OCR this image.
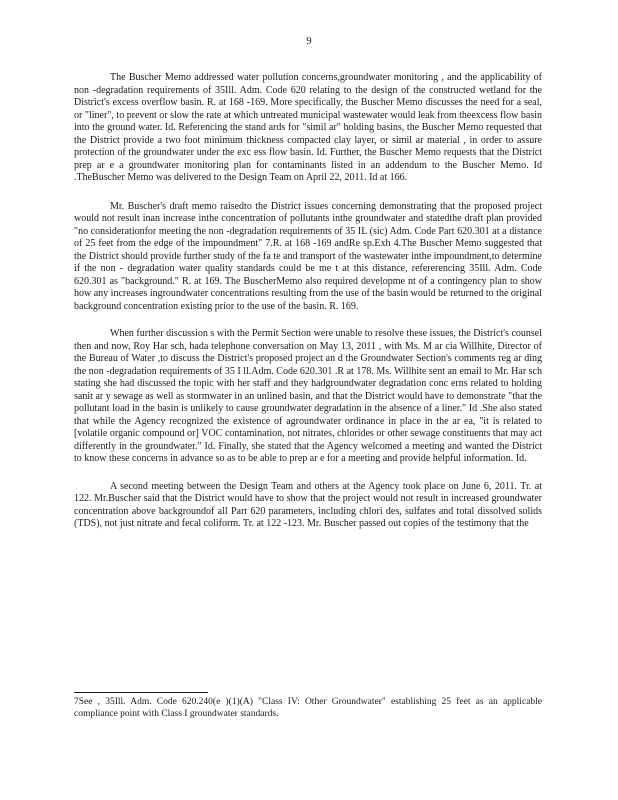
9

The Buscher Memo addressed water pollution concerns,groundwater monitoring , and the applicability of non -degradation requirements of 35Ill. Adm. Code 620 relating to the design of the constructed wetland for the District's excess overflow basin. R. at 168 -169. More specifically, the Buscher Memo discusses the need for a seal, or "liner", to prevent or slow the rate at which untreated municipal wastewater would leak from theexcess flow basin into the ground water. Id. Referencing the stand ards for "simil ar" holding basins, the Buscher Memo requested that the District provide a two foot minimum thickness compacted clay layer, or simil ar material , in order to assure protection of the groundwater under the exc ess flow basin. Id. Further, the Buscher Memo requests that the District prep ar e a groundwater monitoring plan for contaminants listed in an addendum to the Buscher Memo. Id .TheBuscher Memo was delivered to the Design Team on April 22, 2011. Id at 166.

Mr. Buscher's draft memo raisedto the District issues concerning demonstrating that the proposed project would not result inan increase inthe concentration of pollutants inthe groundwater and statedthe draft plan provided "no considerationfor meeting the non -degradation requirements of 35 IL (sic) Adm. Code Part 620.301 at a distance of 25 feet from the edge of the impoundment" 7.R. at 168 -169 andRe sp.Exh 4.The Buscher Memo suggested that the District should provide further study of the fa te and transport of the wastewater inthe impoundment,to determine if the non - degradation water quality standards could be me t at this distance, refererencing 35Ill. Adm. Code 620.301 as "background." R. at 169. The BuscherMemo also required developme nt of a contingency plan to show how any increases ingroundwater concentrations resulting from the use of the basin would be returned to the original background concentration existing prior to the use of the basin. R. 169.

When further discussion s with the Permit Section were unable to resolve these issues, the District's counsel then and now, Roy Har sch, hada telephone conversation on May 13, 2011 , with Ms. M ar cia Willhite, Director of the Bureau of Water ,to discuss the District's proposed project an d the Groundwater Section's comments reg ar ding the non -degradation requirements of 35 I ll.Adm. Code 620.301 .R at 178. Ms. Willhite sent an email to Mr. Har sch stating she had discussed the topic with her staff and they hadgroundwater degradation conc erns related to holding sanit ar y sewage as well as stormwater in an unlined basin, and that the District would have to demonstrate "that the pollutant load in the basin is unlikely to cause groundwater degradation in the absence of a liner." Id .She also stated that while the Agency recognized the existence of agroundwater ordinance in place in the ar ea, "it is related to [volatile organic compound or] VOC contamination, not nitrates, chlorides or other sewage constituents that may act differently in the groundwater." Id. Finally, she stated that the Agency welcomed a meeting and wanted the District to know these concerns in advance so as to be able to prep ar e for a meeting and provide helpful information. Id.

A second meeting between the Design Team and others at the Agency took place on June 6, 2011. Tr. at 122. Mr.Buscher said that the District would have to show that the project would not result in increased groundwater concentration above backgroundof all Part 620 parameters, including chlori des, sulfates and total dissolved solids (TDS), not just nitrate and fecal coliform. Tr. at 122 -123. Mr. Buscher passed out copies of the testimony that the

7See , 35Ill. Adm. Code 620.240(e )(1)(A) "Class IV: Other Groundwater" establishing 25 feet as an applicable compliance point with Class I groundwater standards.
